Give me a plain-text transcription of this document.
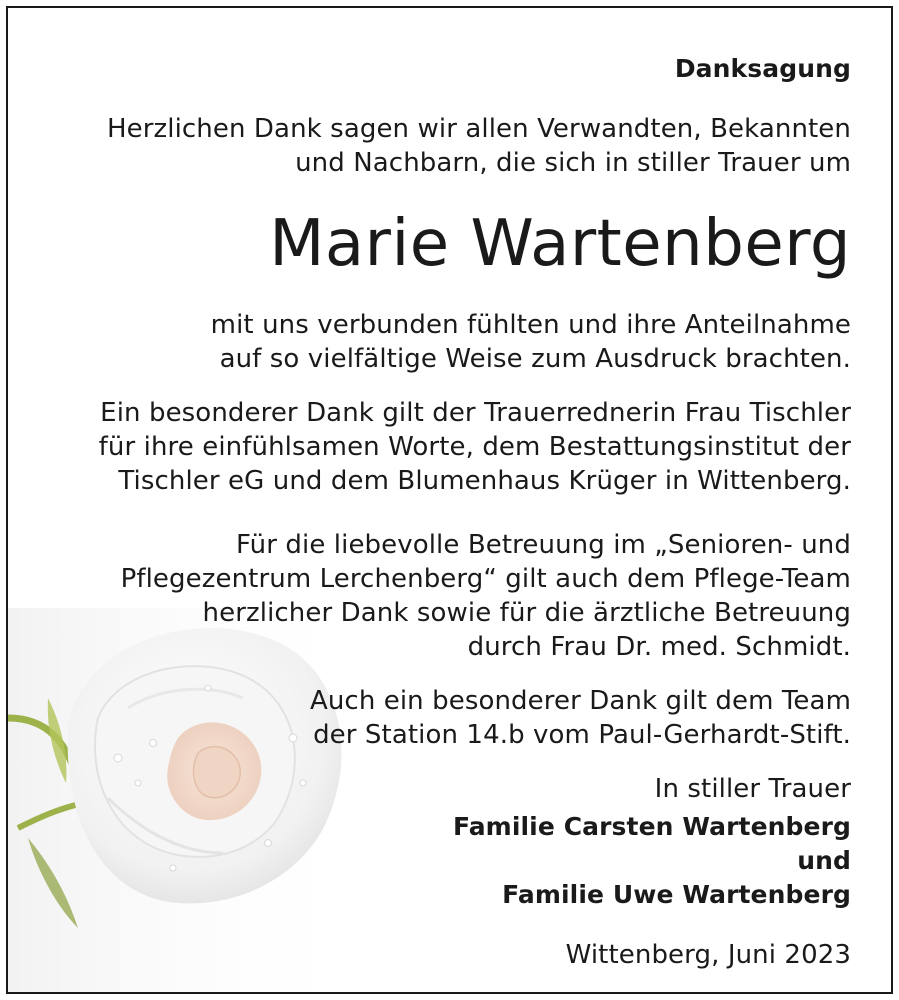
Danksagung
Herzlichen Dank sagen wir allen Verwandten, Bekannten
und Nachbarn, die sich in stiller Trauer um
Marie Wartenberg
mit uns verbunden fühlten und ihre Anteilnahme
auf so vielfältige Weise zum Ausdruck brachten.
Ein besonderer Dank gilt der Trauerrednerin Frau Tischler
für ihre einfühlsamen Worte, dem Bestattungsinstitut der
Tischler eG und dem Blumenhaus Krüger in Wittenberg.
Für die liebevolle Betreuung im „Senioren- und
Pflegezentrum Lerchenberg“ gilt auch dem Pflege-Team
herzlicher Dank sowie für die ärztliche Betreuung
durch Frau Dr. med. Schmidt.
Auch ein besonderer Dank gilt dem Team
der Station 14.b vom Paul-Gerhardt-Stift.
In stiller Trauer
Familie Carsten Wartenberg
und
Familie Uwe Wartenberg
Wittenberg, Juni 2023
